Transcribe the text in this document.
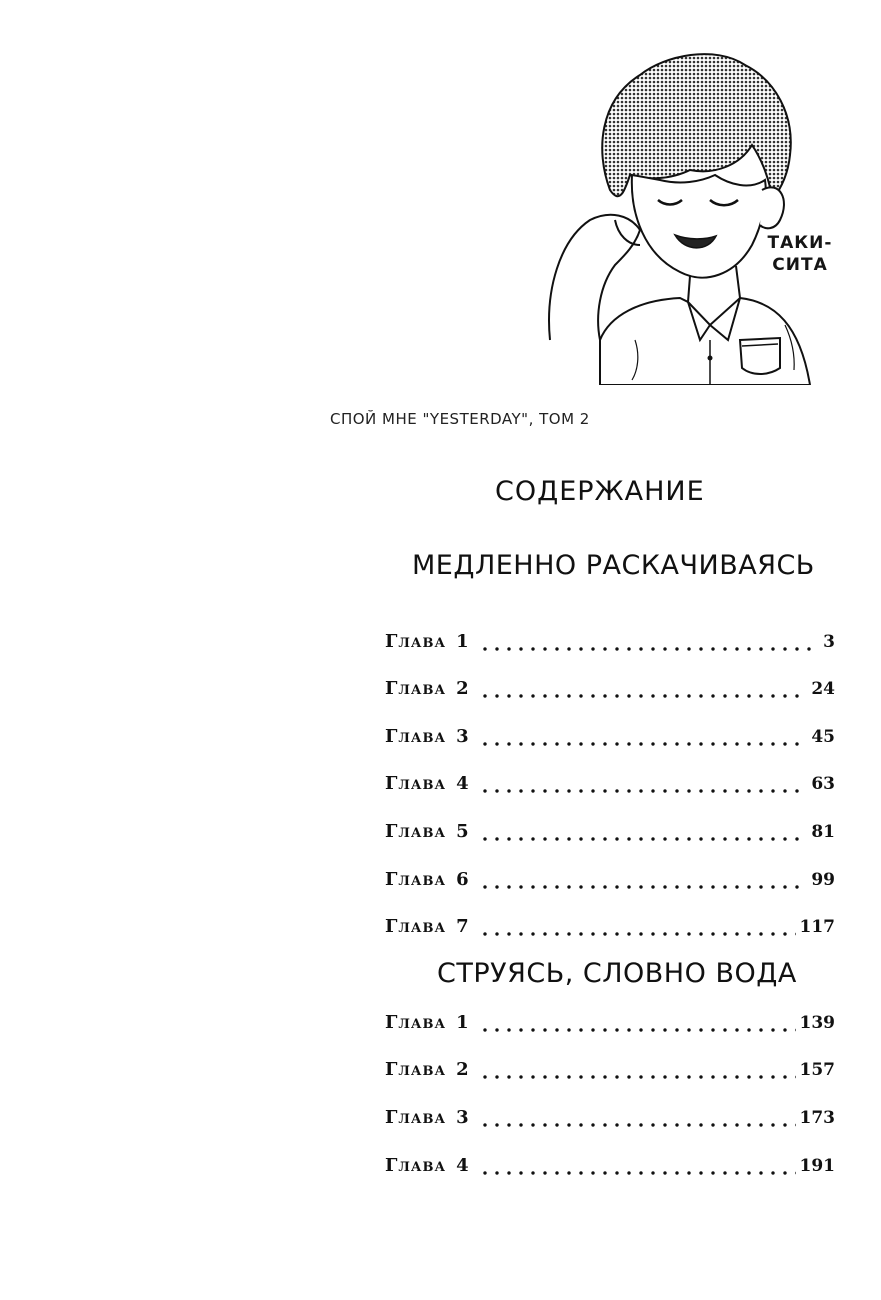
ТАКИ-
СИТА
СПОЙ МНЕ "YESTERDAY", ТОМ 2
СОДЕРЖАНИЕ
МЕДЛЕННО РАСКАЧИВАЯСЬ
Глава 1	3
Глава 2	24
Глава 3	45
Глава 4	63
Глава 5	81
Глава 6	99
Глава 7	117
СТРУЯСЬ, СЛОВНО ВОДА
Глава 1	139
Глава 2	157
Глава 3	173
Глава 4	191
